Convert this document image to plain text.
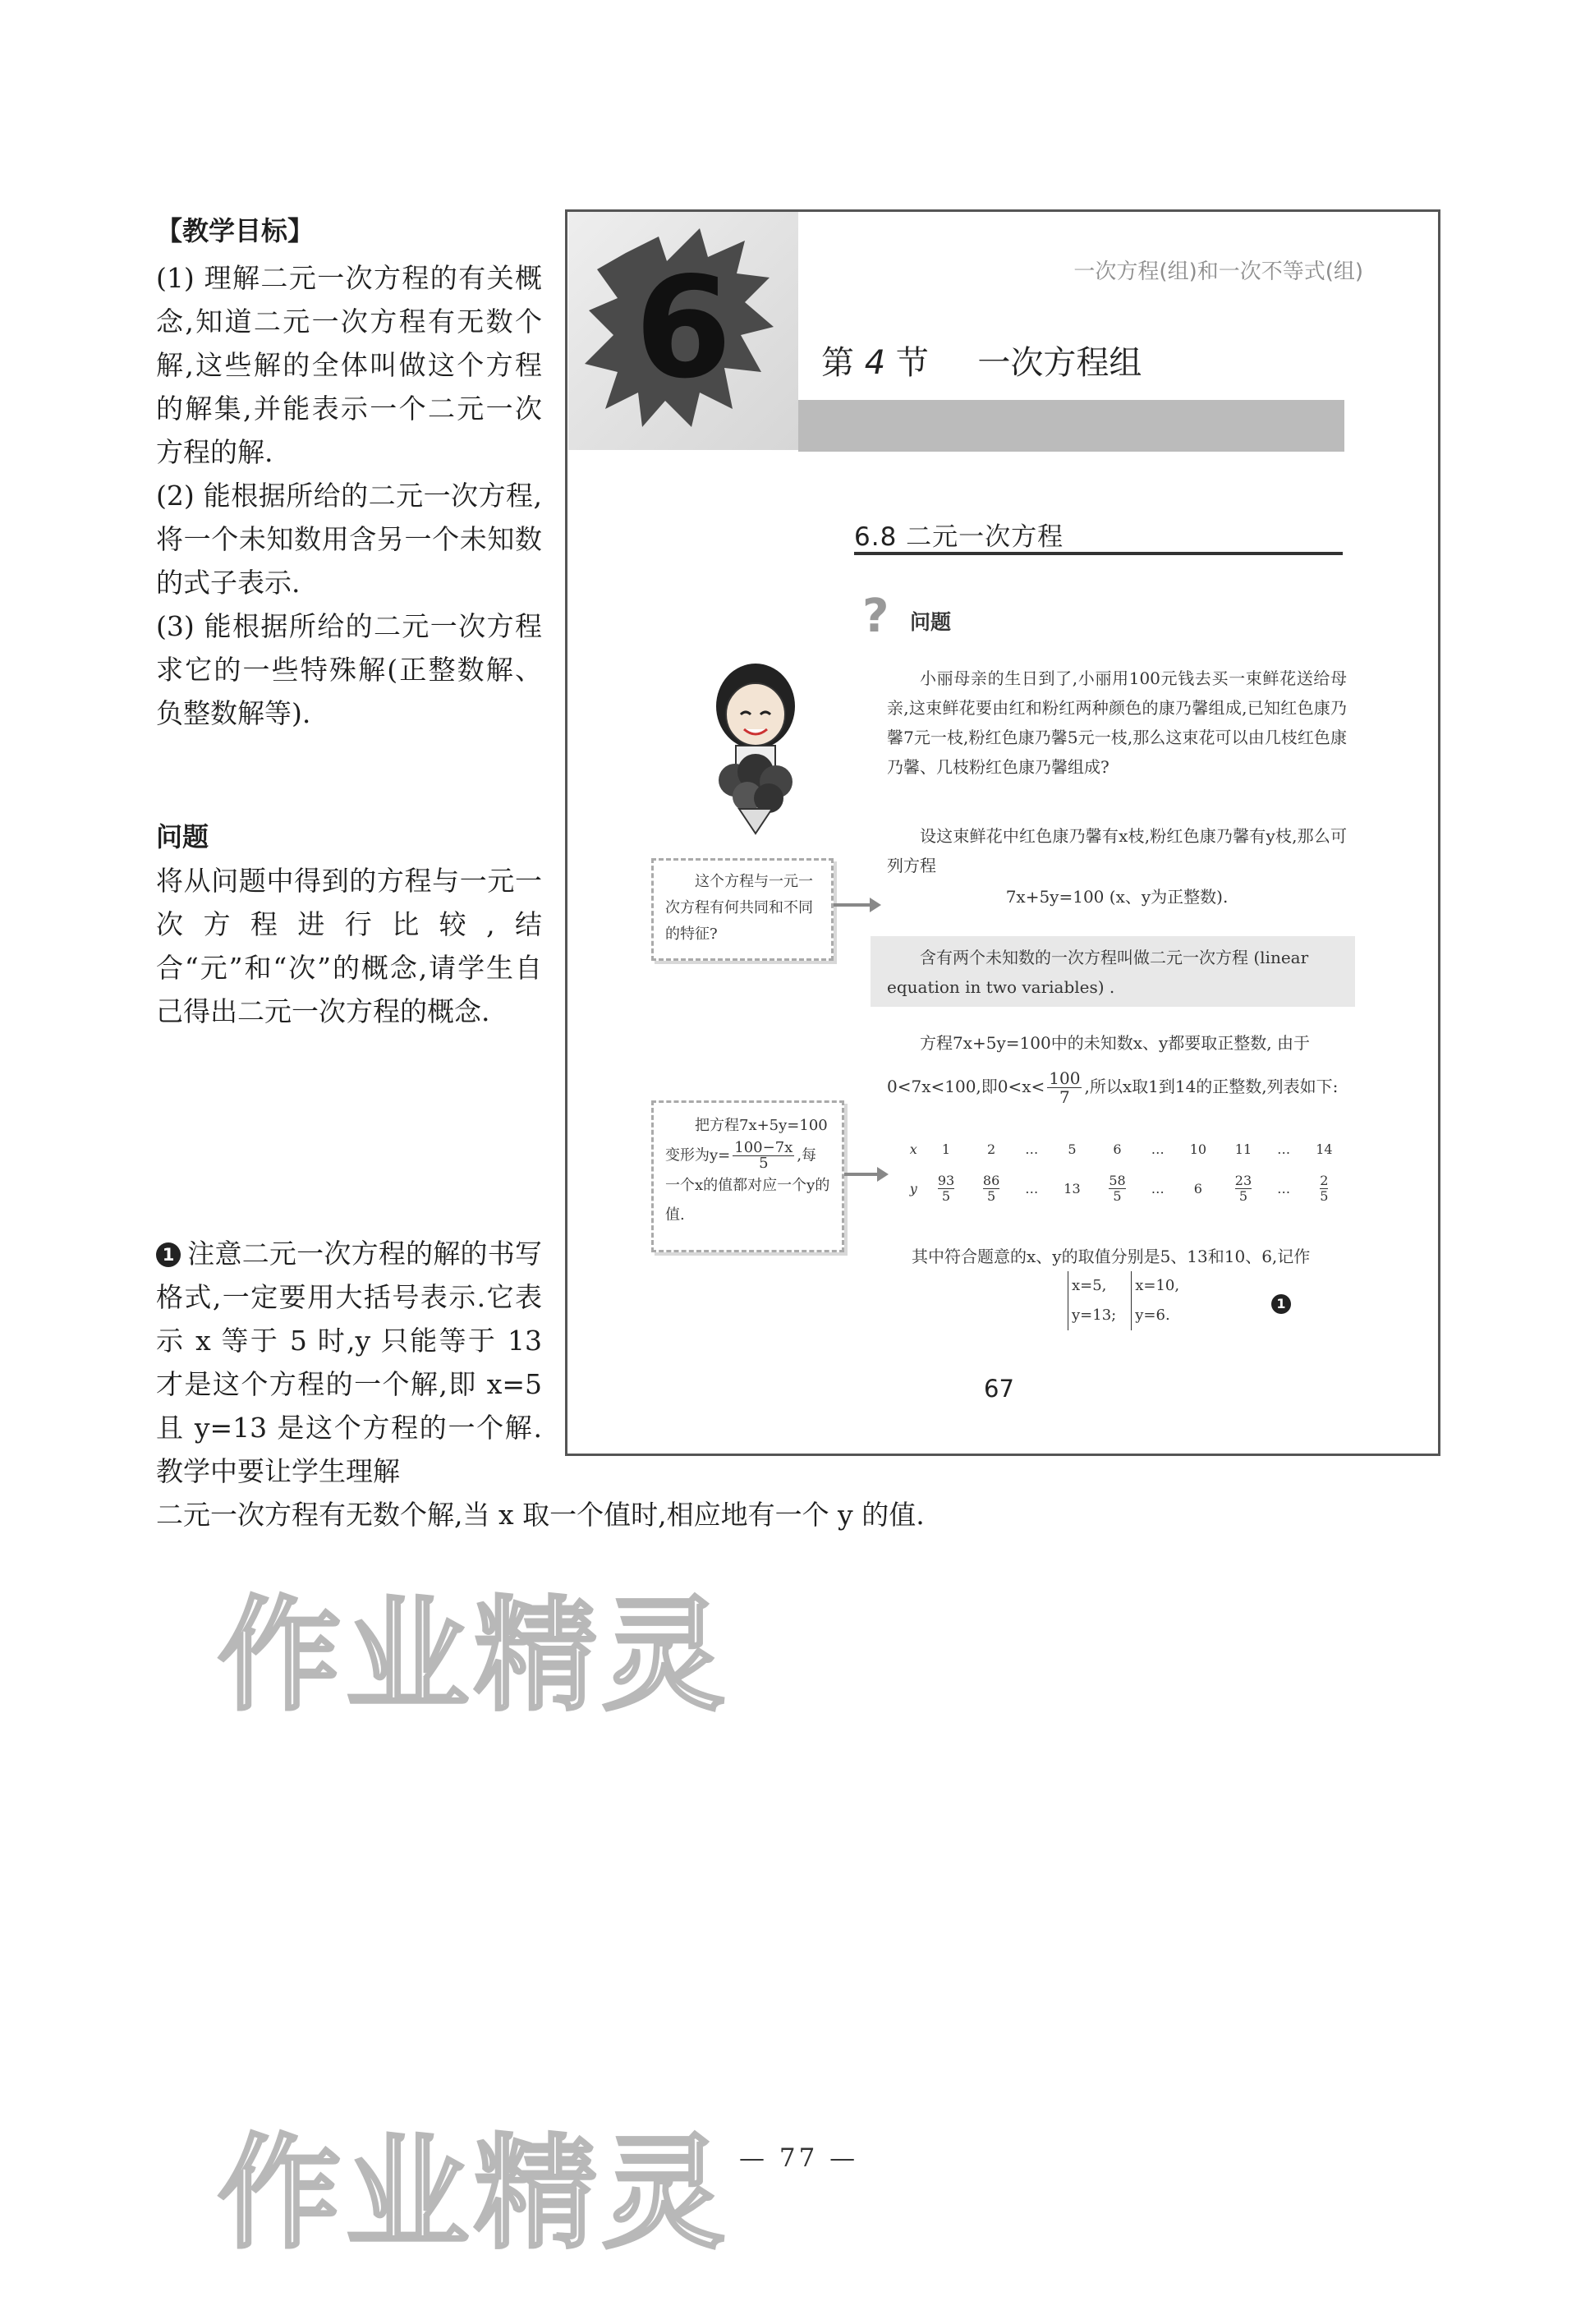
【教学目标】

(1) 理解二元一次方程的有关概念,知道二元一次方程有无数个解,这些解的全体叫做这个方程的解集,并能表示一个二元一次方程的解.

(2) 能根据所给的二元一次方程,将一个未知数用含另一个未知数的式子表示.

(3) 能根据所给的二元一次方程求它的一些特殊解(正整数解、负整数解等).

问题

将从问题中得到的方程与一元一次方程进行比较,结合“元”和“次”的概念,请学生自己得出二元一次方程的概念.

1 注意二元一次方程的解的书写格式,一定要用大括号表示.它表示 x 等于 5 时,y 只能等于 13 才是这个方程的一个解,即 x=5 且 y=13 是这个方程的一个解.教学中要让学生理解
二元一次方程有无数个解,当 x 取一个值时,相应地有一个 y 的值.
6	一次方程(组)和一次不等式(组)
第 4 节 一次方程组
6.8 二元一次方程
? 问题

小丽母亲的生日到了,小丽用100元钱去买一束鲜花送给母亲,这束鲜花要由红和粉红两种颜色的康乃馨组成,已知红色康乃馨7元一枝,粉红色康乃馨5元一枝,那么这束花可以由几枝红色康乃馨、几枝粉红色康乃馨组成?

设这束鲜花中红色康乃馨有x枝,粉红色康乃馨有y枝,那么可列方程

7x+5y=100 (x、y为正整数).

含有两个未知数的一次方程叫做二元一次方程 (linear equation in two variables) .

方程7x+5y=100中的未知数x、y都要取正整数, 由于

0<7x<100,即$0<x< \frac{100}{7}$ ,所以x取1到14的正整数,列表如下:
x	1	2	…	5	6	…	10	11	…	14
y	$\frac{93}{5}$	$\frac{86}{5}$	…	13	$\frac{58}{5}$	…	6	$\frac{23}{5}$	…	$\frac{2}{5}$
其中符合题意的x、y的取值分别是5、13和10、6,记作
x=5,
y=13;x=10,
y=6.
1
67

这个方程与一元一次方程有何共同和不同的特征?

把方程7x+5y=100

变形为$y= \frac{100-7x}{5}$ ,每

一个x的值都对应一个y的值.

作业精灵
作业精灵 — 77 —
